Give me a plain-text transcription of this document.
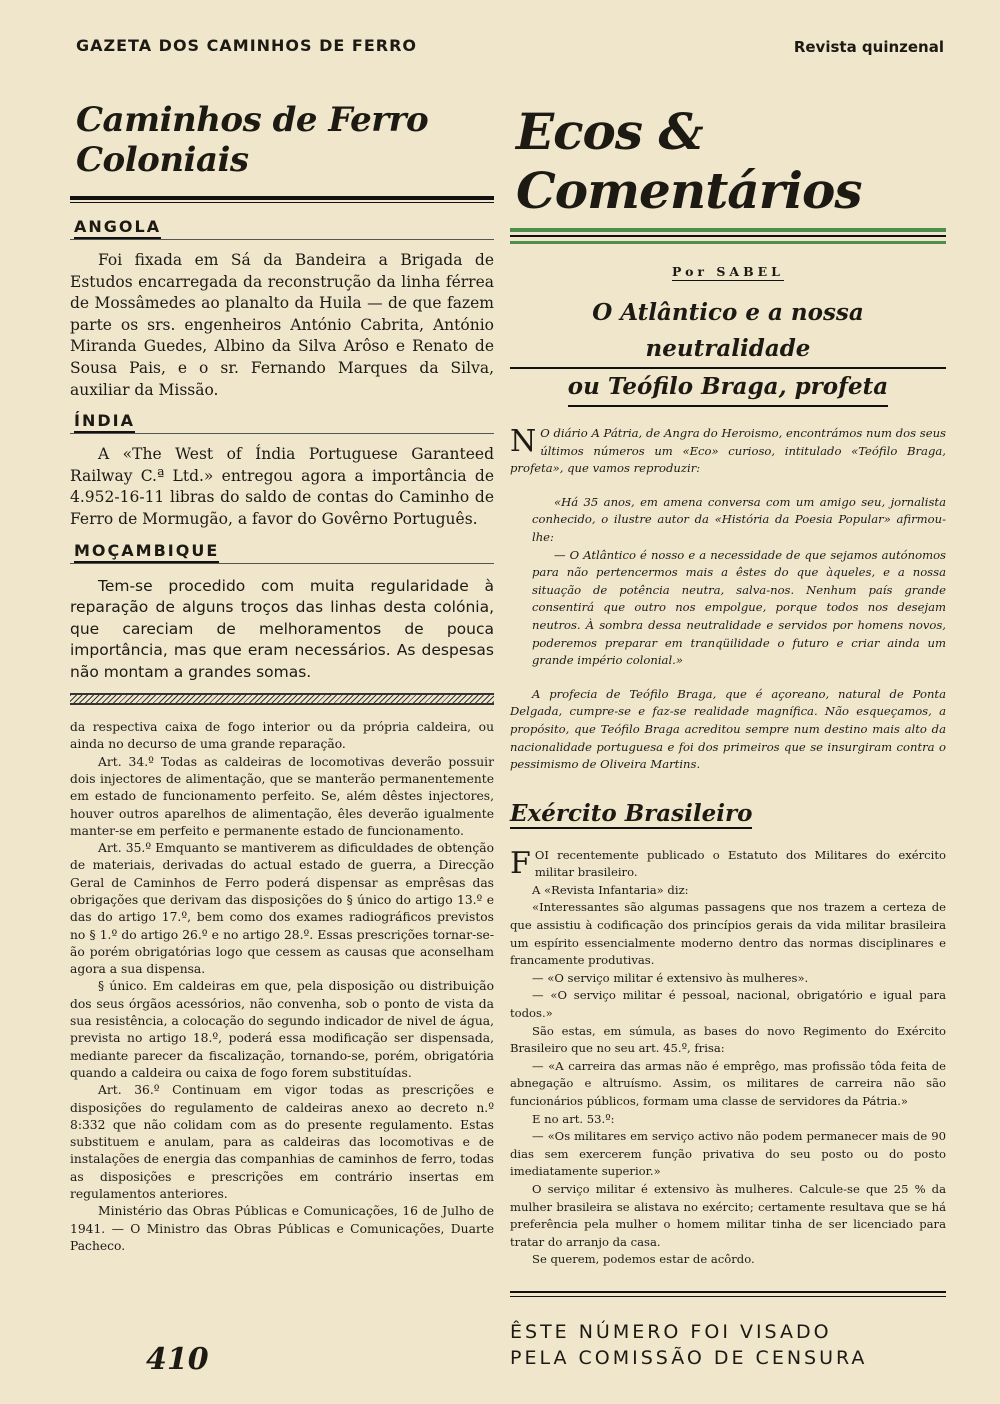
GAZETA DOS CAMINHOS DE FERRO	Revista quinzenal
Caminhos de Ferro Coloniais
ANGOLA

Foi fixada em Sá da Bandeira a Brigada de Estudos encarregada da reconstrução da linha férrea de Mossâmedes ao planalto da Huila — de que fazem parte os srs. engenheiros António Cabrita, António Miranda Guedes, Albino da Silva Arôso e Renato de Sousa Pais, e o sr. Fernando Marques da Silva, auxiliar da Missão.

ÍNDIA

A «The West of Índia Portuguese Garanteed Railway C.ª Ltd.» entregou agora a importância de 4.952-16-11 libras do saldo de contas do Caminho de Ferro de Mormugão, a favor do Govêrno Português.

MOÇAMBIQUE

Tem-se procedido com muita regularidade à reparação de alguns troços das linhas desta colónia, que careciam de melhoramentos de pouca importância, mas que eram necessários. As despesas não montam a grandes somas.

da respectiva caixa de fogo interior ou da própria caldeira, ou ainda no decurso de uma grande reparação.

Art. 34.º Todas as caldeiras de locomotivas deverão possuir dois injectores de alimentação, que se manterão permanentemente em estado de funcionamento perfeito. Se, além dêstes injectores, houver outros aparelhos de alimentação, êles deverão igualmente manter-se em perfeito e permanente estado de funcionamento.

Art. 35.º Emquanto se mantiverem as dificuldades de obtenção de materiais, derivadas do actual estado de guerra, a Direcção Geral de Caminhos de Ferro poderá dispensar as emprêsas das obrigações que derivam das disposições do § único do artigo 13.º e das do artigo 17.º, bem como dos exames radiográficos previstos no § 1.º do artigo 26.º e no artigo 28.º. Essas prescrições tornar-se-ão porém obrigatórias logo que cessem as causas que aconselham agora a sua dispensa.

§ único. Em caldeiras em que, pela disposição ou distribuição dos seus órgãos acessórios, não convenha, sob o ponto de vista da sua resistência, a colocação do segundo indicador de nivel de água, prevista no artigo 18.º, poderá essa modificação ser dispensada, mediante parecer da fiscalização, tornando-se, porém, obrigatória quando a caldeira ou caixa de fogo forem substituídas.

Art. 36.º Continuam em vigor todas as prescrições e disposições do regulamento de caldeiras anexo ao decreto n.º 8:332 que não colidam com as do presente regulamento. Estas substituem e anulam, para as caldeiras das locomotivas e de instalações de energia das companhias de caminhos de ferro, todas as disposições e prescrições em contrário insertas em regulamentos anteriores.

Ministério das Obras Públicas e Comunicações, 16 de Julho de 1941. — O Ministro das Obras Públicas e Comunicações, Duarte Pacheco.

410
Ecos & Comentários
Por SABEL
O Atlântico e a nossa neutralidade
ou Teófilo Braga, profeta

N O diário A Pátria, de Angra do Heroismo, encontrámos num dos seus últimos números um «Eco» curioso, intitulado «Teófilo Braga, profeta», que vamos reproduzir:

«Há 35 anos, em amena conversa com um amigo seu, jornalista conhecido, o ilustre autor da «História da Poesia Popular» afirmou-lhe:

— O Atlântico é nosso e a necessidade de que sejamos autónomos para não pertencermos mais a êstes do que àqueles, e a nossa situação de potência neutra, salva-nos. Nenhum país grande consentirá que outro nos empolgue, porque todos nos desejam neutros. À sombra dessa neutralidade e servidos por homens novos, poderemos preparar em tranqüilidade o futuro e criar ainda um grande império colonial.»

A profecia de Teófilo Braga, que é açoreano, natural de Ponta Delgada, cumpre-se e faz-se realidade magnífica. Não esqueçamos, a propósito, que Teófilo Braga acreditou sempre num destino mais alto da nacionalidade portuguesa e foi dos primeiros que se insurgiram contra o pessimismo de Oliveira Martins.

Exército Brasileiro

FOI recentemente publicado o Estatuto dos Militares do exército militar brasileiro.

A «Revista Infantaria» diz:

«Interessantes são algumas passagens que nos trazem a certeza de que assistiu à codificação dos princípios gerais da vida militar brasileira um espírito essencialmente moderno dentro das normas disciplinares e francamente produtivas.

— «O serviço militar é extensivo às mulheres».

— «O serviço militar é pessoal, nacional, obrigatório e igual para todos.»

São estas, em súmula, as bases do novo Regimento do Exército Brasileiro que no seu art. 45.º, frisa:

— «A carreira das armas não é emprêgo, mas profissão tôda feita de abnegação e altruísmo. Assim, os militares de carreira não são funcionários públicos, formam uma classe de servidores da Pátria.»

E no art. 53.º:

— «Os militares em serviço activo não podem permanecer mais de 90 dias sem exercerem função privativa do seu posto ou do posto imediatamente superior.»

O serviço militar é extensivo às mulheres. Calcule-se que 25 % da mulher brasileira se alistava no exército; certamente resultava que se há preferência pela mulher o homem militar tinha de ser licenciado para tratar do arranjo da casa.

Se querem, podemos estar de acôrdo.

ÊSTE NÚMERO FOI VISADO
PELA COMISSÃO DE CENSURA
